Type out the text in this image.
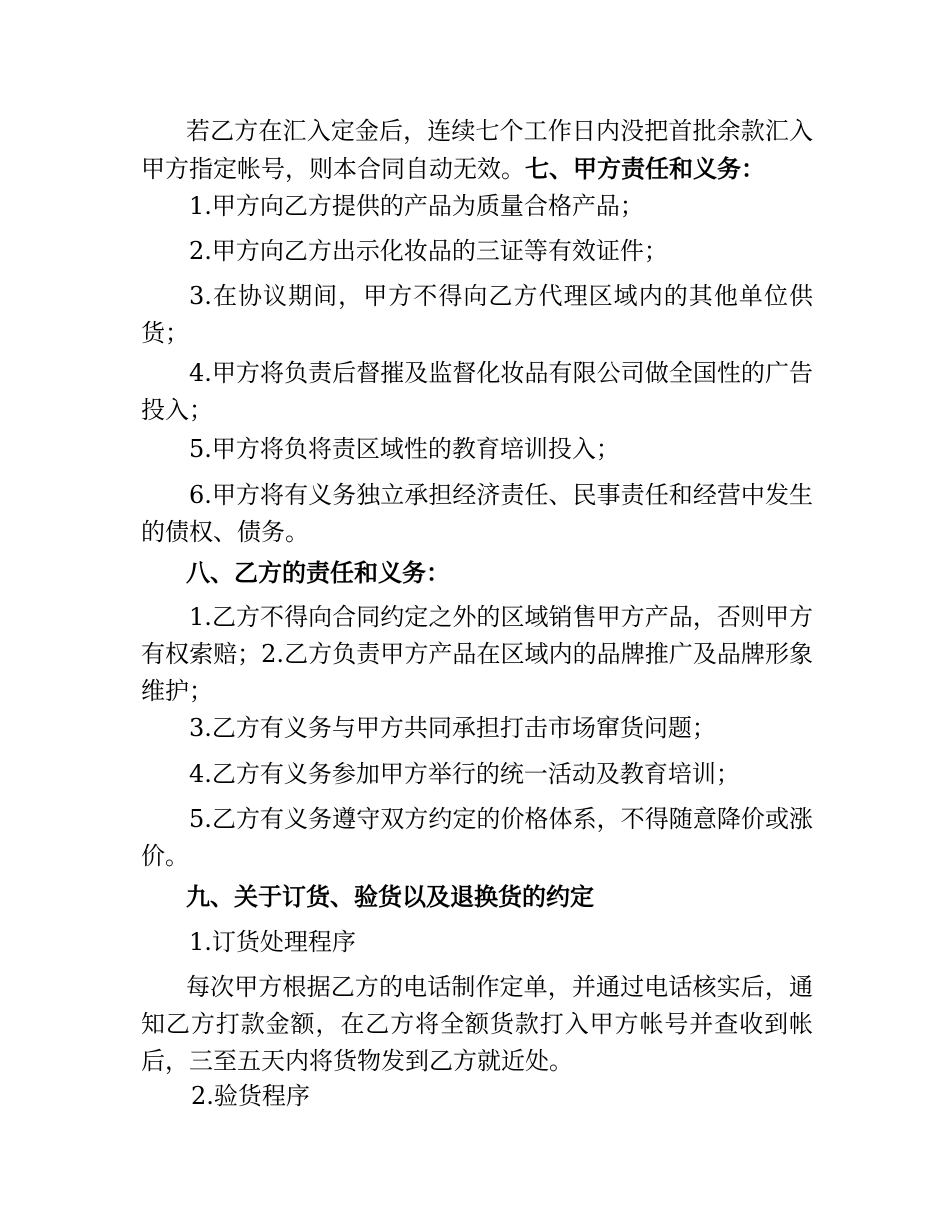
若乙方在汇入定金后，连续七个工作日内没把首批余款汇入甲方指定帐号，则本合同自动无效。七、甲方责任和义务：

1.甲方向乙方提供的产品为质量合格产品；

2.甲方向乙方出示化妆品的三证等有效证件；

3.在协议期间，甲方不得向乙方代理区域内的其他单位供货；

4.甲方将负责后督摧及监督化妆品有限公司做全国性的广告投入；

5.甲方将负将责区域性的教育培训投入；

6.甲方将有义务独立承担经济责任、民事责任和经营中发生的债权、债务。

八、乙方的责任和义务：

1.乙方不得向合同约定之外的区域销售甲方产品，否则甲方有权索赔；2.乙方负责甲方产品在区域内的品牌推广及品牌形象维护；

3.乙方有义务与甲方共同承担打击市场窜货问题；

4.乙方有义务参加甲方举行的统一活动及教育培训；

5.乙方有义务遵守双方约定的价格体系，不得随意降价或涨价。

九、关于订货、验货以及退换货的约定

1.订货处理程序

每次甲方根据乙方的电话制作定单，并通过电话核实后，通知乙方打款金额，在乙方将全额货款打入甲方帐号并查收到帐后，三至五天内将货物发到乙方就近处。

2.验货程序
